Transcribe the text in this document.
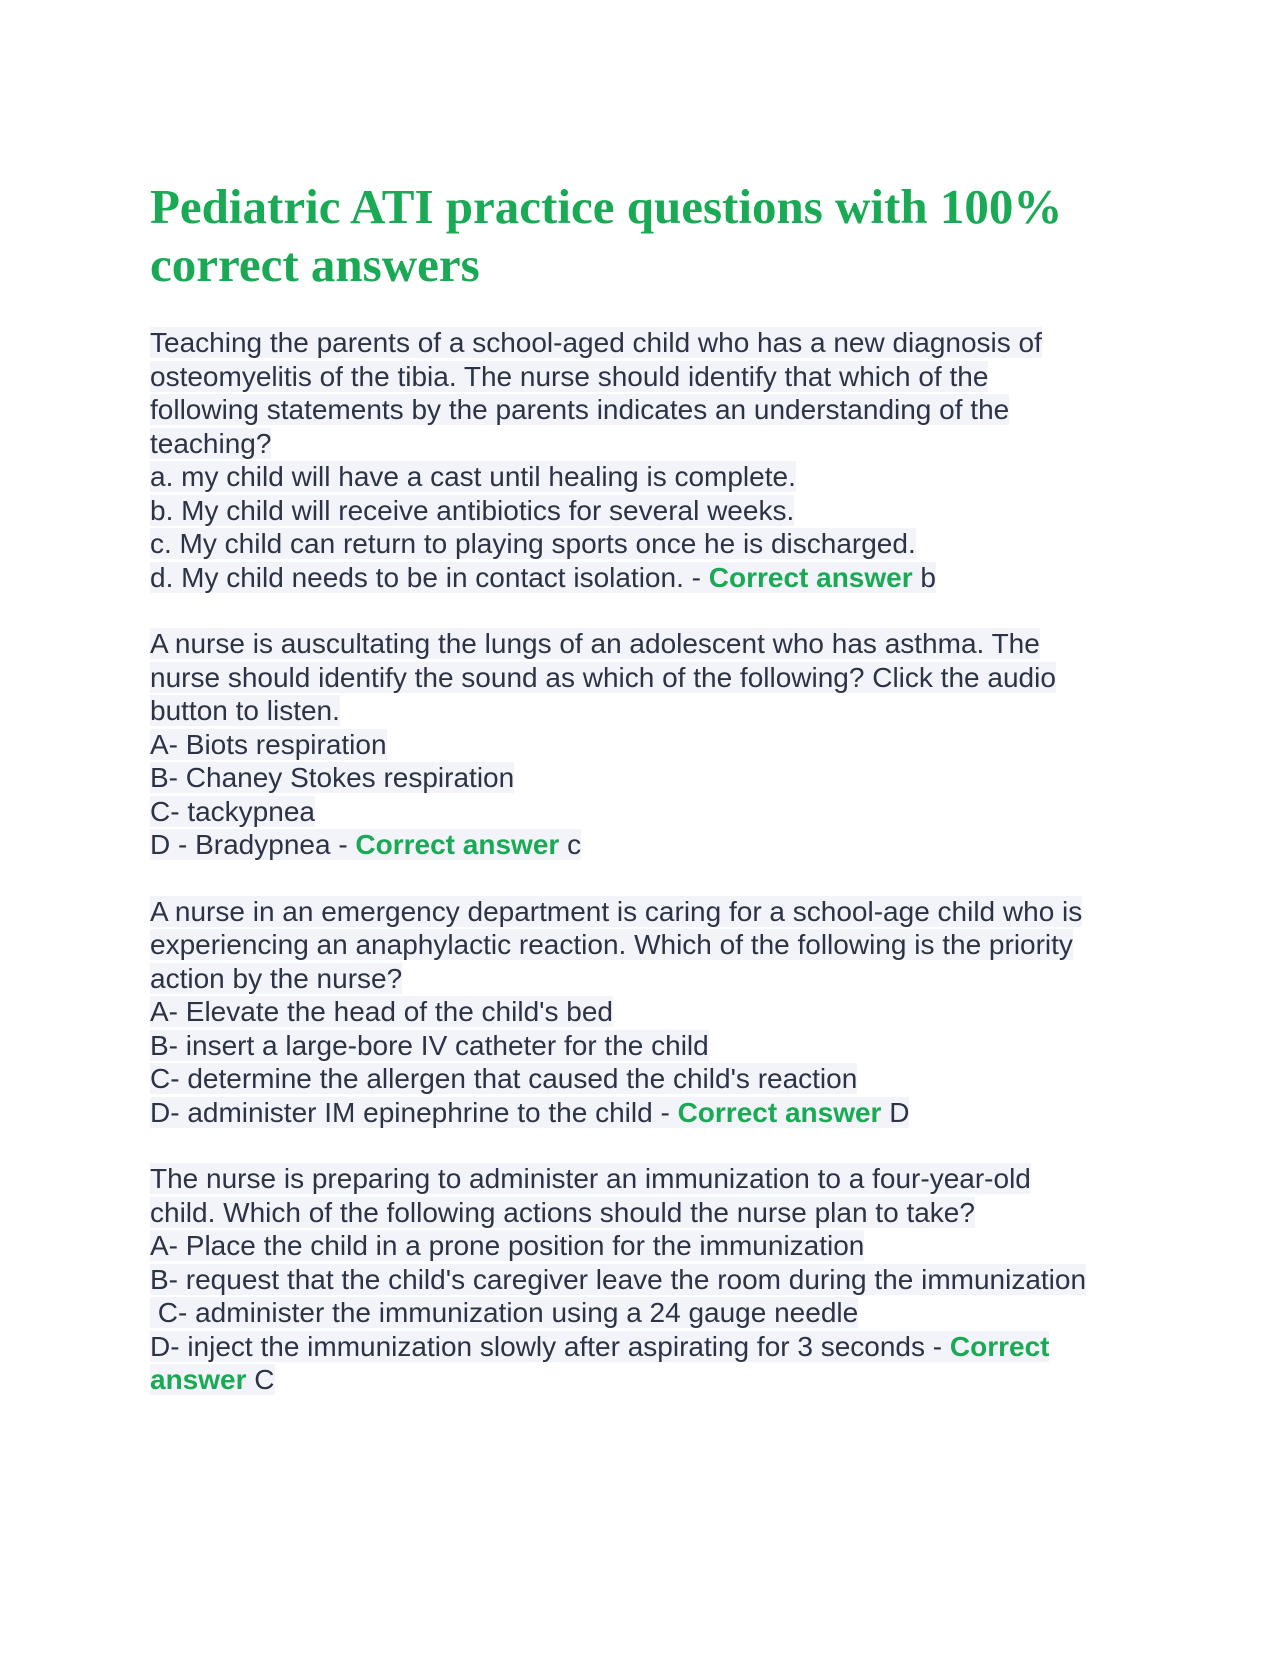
Pediatric ATI practice questions with 100% correct answers
Teaching the parents of a school-aged child who has a new diagnosis of
osteomyelitis of the tibia. The nurse should identify that which of the
following statements by the parents indicates an understanding of the
teaching?
a. my child will have a cast until healing is complete.
b. My child will receive antibiotics for several weeks.
c. My child can return to playing sports once he is discharged.
d. My child needs to be in contact isolation. - Correct answer b
A nurse is auscultating the lungs of an adolescent who has asthma. The
nurse should identify the sound as which of the following? Click the audio
button to listen.
A- Biots respiration
B- Chaney Stokes respiration
C- tackypnea
D - Bradypnea - Correct answer c
A nurse in an emergency department is caring for a school-age child who is
experiencing an anaphylactic reaction. Which of the following is the priority
action by the nurse?
A- Elevate the head of the child's bed
B- insert a large-bore IV catheter for the child
C- determine the allergen that caused the child's reaction
D- administer IM epinephrine to the child - Correct answer D
The nurse is preparing to administer an immunization to a four-year-old
child. Which of the following actions should the nurse plan to take?
A- Place the child in a prone position for the immunization
B- request that the child's caregiver leave the room during the immunization
C- administer the immunization using a 24 gauge needle
D- inject the immunization slowly after aspirating for 3 seconds - Correct
answer C
